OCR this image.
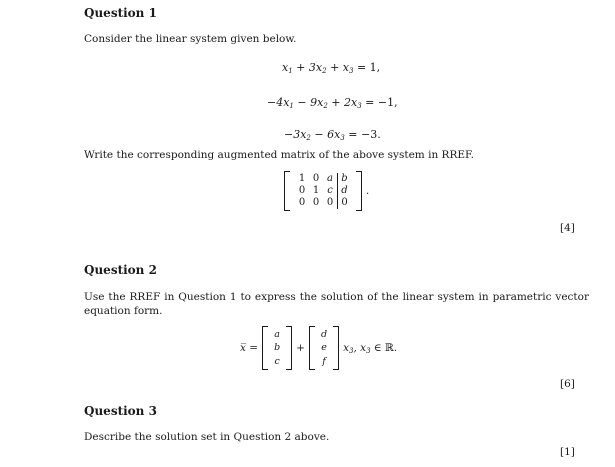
Question 1
Consider the linear system given below.
$x_1 + 3x_2 + x_3 = 1$,
$-4x_1 - 9x_2 + 2x_3 = -1$,
$-3x_2 - 6x_3 = -3$.
Write the corresponding augmented matrix of the above system in RREF.
1 0 a b
0 1 c d
0 0 0 0
.
[4]
Question 2
Use the RREF in Question 1 to express the solution of the linear system in parametric vector equation form.
x̅ =
a
b
c
+
d
e
f
$x_3$ , $x_3$ ∈ ℝ.
[6]
Question 3
Describe the solution set in Question 2 above.
[1]
